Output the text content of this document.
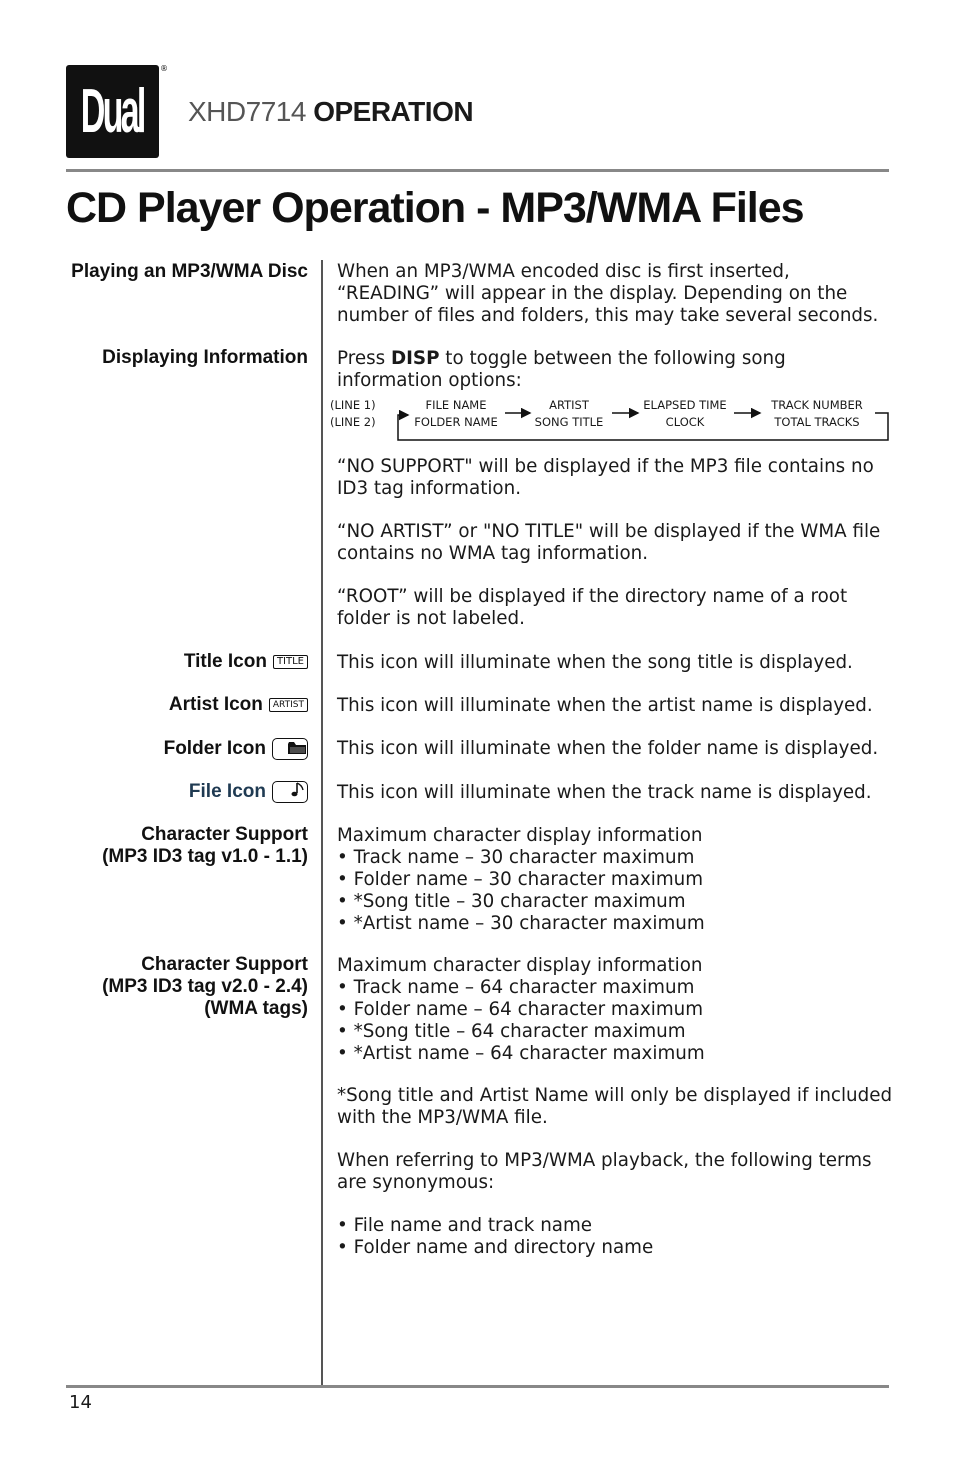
Dual
®
XHD7714 OPERATION
CD Player Operation - MP3/WMA Files
Playing an MP3/WMA Disc
Displaying Information
Title Icon TITLE
Artist Icon ARTIST
Folder Icon
File Icon
Character Support
(MP3 ID3 tag v1.0 - 1.1)
Character Support
(MP3 ID3 tag v2.0 - 2.4)
(WMA tags)

When an MP3/WMA encoded disc is first inserted,

“READING” will appear in the display. Depending on the

number of files and folders, this may take several seconds.

Press DISP to toggle between the following song

information options:

(LINE 1)
(LINE 2)
FILE NAME
FOLDER NAME
ARTIST
SONG TITLE
ELAPSED TIME
CLOCK
TRACK NUMBER
TOTAL TRACKS

“NO SUPPORT" will be displayed if the MP3 file contains no

ID3 tag information.

“NO ARTIST” or "NO TITLE" will be displayed if the WMA file

contains no WMA tag information.

“ROOT” will be displayed if the directory name of a root

folder is not labeled.

This icon will illuminate when the song title is displayed.
This icon will illuminate when the artist name is displayed.
This icon will illuminate when the folder name is displayed.
This icon will illuminate when the track name is displayed.

Maximum character display information

• Track name – 30 character maximum

• Folder name – 30 character maximum

• *Song title – 30 character maximum

• *Artist name – 30 character maximum

Maximum character display information

• Track name – 64 character maximum

• Folder name – 64 character maximum

• *Song title – 64 character maximum

• *Artist name – 64 character maximum

*Song title and Artist Name will only be displayed if included

with the MP3/WMA file.

When referring to MP3/WMA playback, the following terms

are synonymous:

• File name and track name

• Folder name and directory name

14
